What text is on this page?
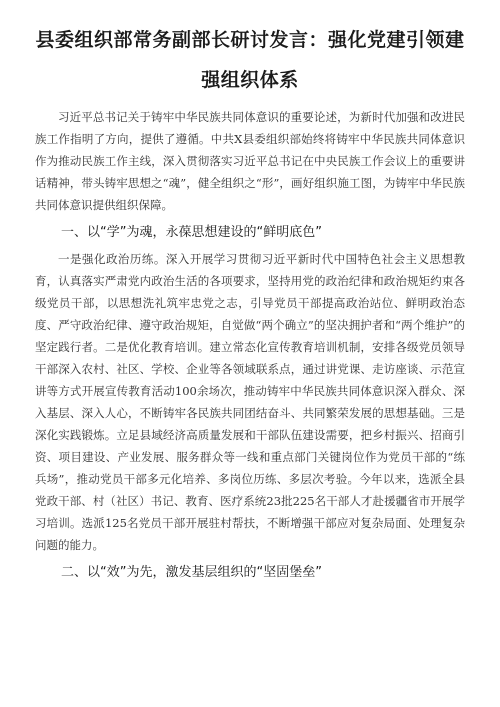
县委组织部常务副部长研讨发言：强化党建引领建强组织体系

习近平总书记关于铸牢中华民族共同体意识的重要论述，为新时代加强和改进民族工作指明了方向，提供了遵循。中共X县委组织部始终将铸牢中华民族共同体意识作为推动民族工作主线，深入贯彻落实习近平总书记在中央民族工作会议上的重要讲话精神，带头铸牢思想之“魂”，健全组织之“形”，画好组织施工图，为铸牢中华民族共同体意识提供组织保障。

一、以“学”为魂，永葆思想建设的“鲜明底色”

一是强化政治历练。深入开展学习贯彻习近平新时代中国特色社会主义思想教育，认真落实严肃党内政治生活的各项要求，坚持用党的政治纪律和政治规矩约束各级党员干部，以思想洗礼筑牢忠党之志，引导党员干部提高政治站位、鲜明政治态度、严守政治纪律、遵守政治规矩，自觉做“两个确立”的坚决拥护者和“两个维护”的坚定践行者。二是优化教育培训。建立常态化宣传教育培训机制，安排各级党员领导干部深入农村、社区、学校、企业等各领域联系点，通过讲党课、走访座谈、示范宣讲等方式开展宣传教育活动100余场次，推动铸牢中华民族共同体意识深入群众、深入基层、深入人心，不断铸牢各民族共同团结奋斗、共同繁荣发展的思想基础。三是深化实践锻炼。立足县域经济高质量发展和干部队伍建设需要，把乡村振兴、招商引资、项目建设、产业发展、服务群众等一线和重点部门关键岗位作为党员干部的“练兵场”，推动党员干部多元化培养、多岗位历练、多层次考验。今年以来，选派全县党政干部、村（社区）书记、教育、医疗系统23批225名干部人才赴援疆省市开展学习培训。选派125名党员干部开展驻村帮扶，不断增强干部应对复杂局面、处理复杂问题的能力。

二、以“效”为先，激发基层组织的“坚固堡垒”
